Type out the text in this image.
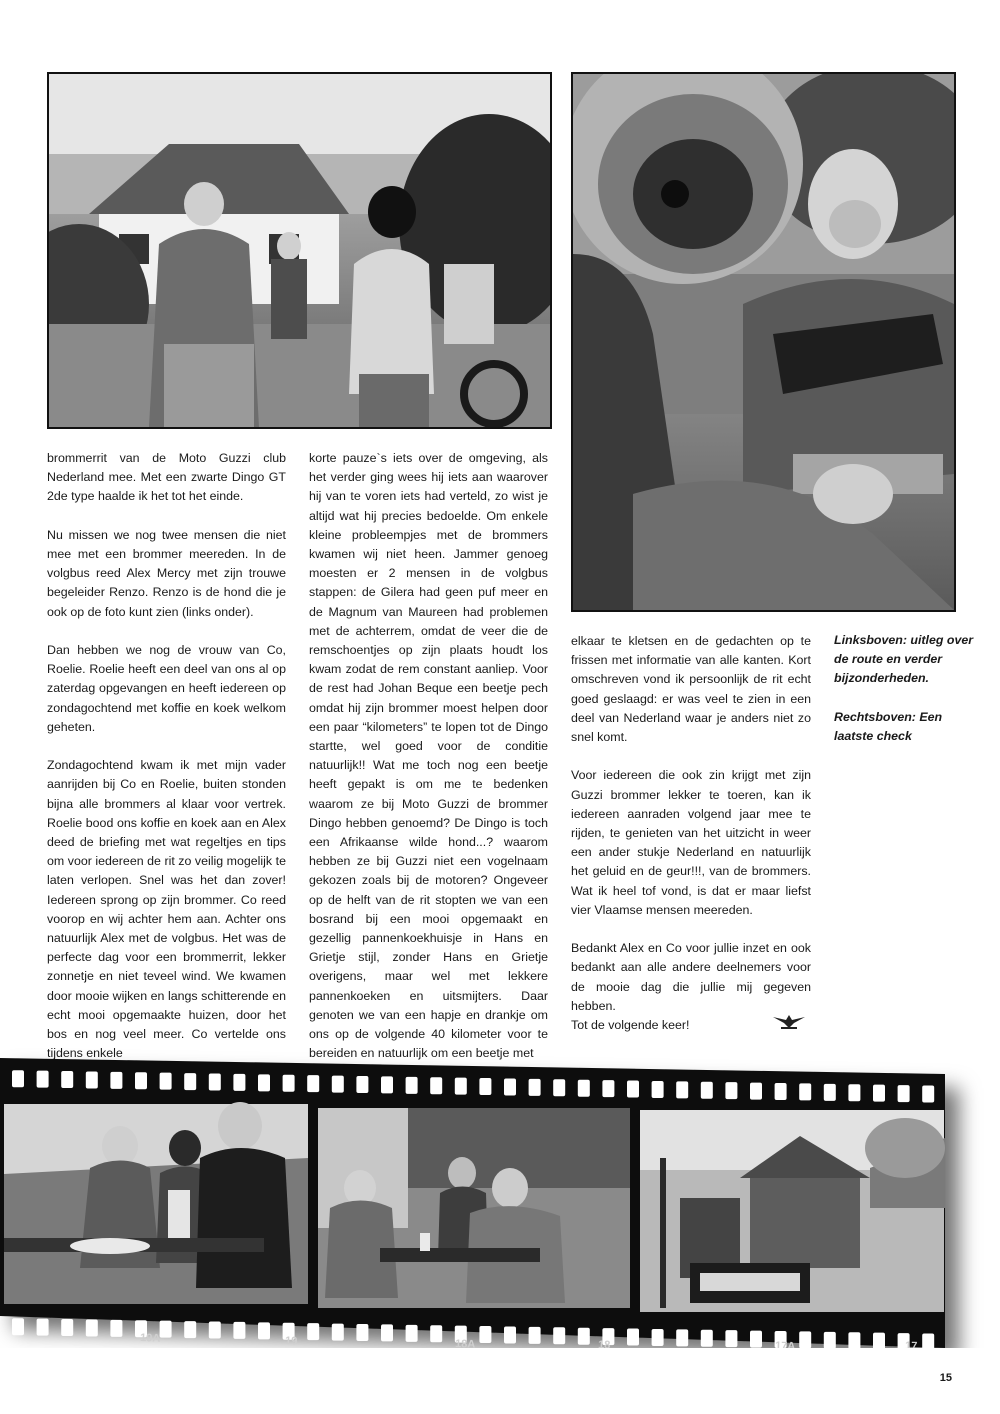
brommerrit van de Moto Guzzi club Nederland mee. Met een zwarte Dingo GT 2de type haalde ik het tot het einde.

Nu missen we nog twee mensen die niet mee met een brommer meereden. In de volgbus reed Alex Mercy met zijn trouwe begeleider Renzo. Renzo is de hond die je ook op de foto kunt zien (links onder).

Dan hebben we nog de vrouw van Co, Roelie. Roelie heeft een deel van ons al op zaterdag opgevangen en heeft iedereen op zondagochtend met koffie en koek welkom geheten.

Zondagochtend kwam ik met mijn vader aanrijden bij Co en Roelie, buiten stonden bijna alle brommers al klaar voor vertrek. Roelie bood ons koffie en koek aan en Alex deed de briefing met wat regeltjes en tips om voor iedereen de rit zo veilig mogelijk te laten verlopen. Snel was het dan zover! Iedereen sprong op zijn brommer. Co reed voorop en wij achter hem aan. Achter ons natuurlijk Alex met de volgbus. Het was de perfecte dag voor een brommerrit, lekker zonnetje en niet teveel wind. We kwamen door mooie wijken en langs schitterende en echt mooi opgemaakte huizen, door het bos en nog veel meer. Co vertelde ons tijdens enkele

korte pauze`s iets over de omgeving, als het verder ging wees hij iets aan waarover hij van te voren iets had verteld, zo wist je altijd wat hij precies bedoelde. Om enkele kleine probleempjes met de brommers kwamen wij niet heen. Jammer genoeg moesten er 2 mensen in de volgbus stappen: de Gilera had geen puf meer en de Magnum van Maureen had problemen met de achterrem, omdat de veer die de remschoentjes op zijn plaats houdt los kwam zodat de rem constant aanliep. Voor de rest had Johan Beque een beetje pech omdat hij zijn brommer moest helpen door een paar “kilometers” te lopen tot de Dingo startte, wel goed voor de conditie natuurlijk!! Wat me toch nog een beetje heeft gepakt is om me te bedenken waarom ze bij Moto Guzzi de brommer Dingo hebben genoemd? De Dingo is toch een Afrikaanse wilde hond...? waarom hebben ze bij Guzzi niet een vogelnaam gekozen zoals bij de motoren? Ongeveer op de helft van de rit stopten we van een bosrand bij een mooi opgemaakt en gezellig pannenkoekhuisje in Hans en Grietje stijl, zonder Hans en Grietje overigens, maar wel met lekkere pannenkoeken en uitsmijters. Daar genoten we van een hapje en drankje om ons op de volgende 40 kilometer voor te bereiden en natuurlijk om een beetje met

elkaar te kletsen en de gedachten op te frissen met informatie van alle kanten. Kort omschreven vond ik persoonlijk de rit echt goed geslaagd: er was veel te zien in een deel van Nederland waar je anders niet zo snel komt.

Voor iedereen die ook zin krijgt met zijn Guzzi brommer lekker te toeren, kan ik iedereen aanraden volgend jaar mee te rijden, te genieten van het uitzicht in weer een ander stukje Nederland en natuurlijk het geluid en de geur!!!, van de brommers. Wat ik heel tof vond, is dat er maar liefst vier Vlaamse mensen meereden.

Bedankt Alex en Co voor jullie inzet en ook bedankt aan alle andere deelnemers voor de mooie dag die jullie mij gegeven hebben.

Tot de volgende keer!

Linksboven: uitleg over de route en verder bijzonderheden.

Rechtsboven: Een laatste check

19A	19	18A	18	17A	17
15
